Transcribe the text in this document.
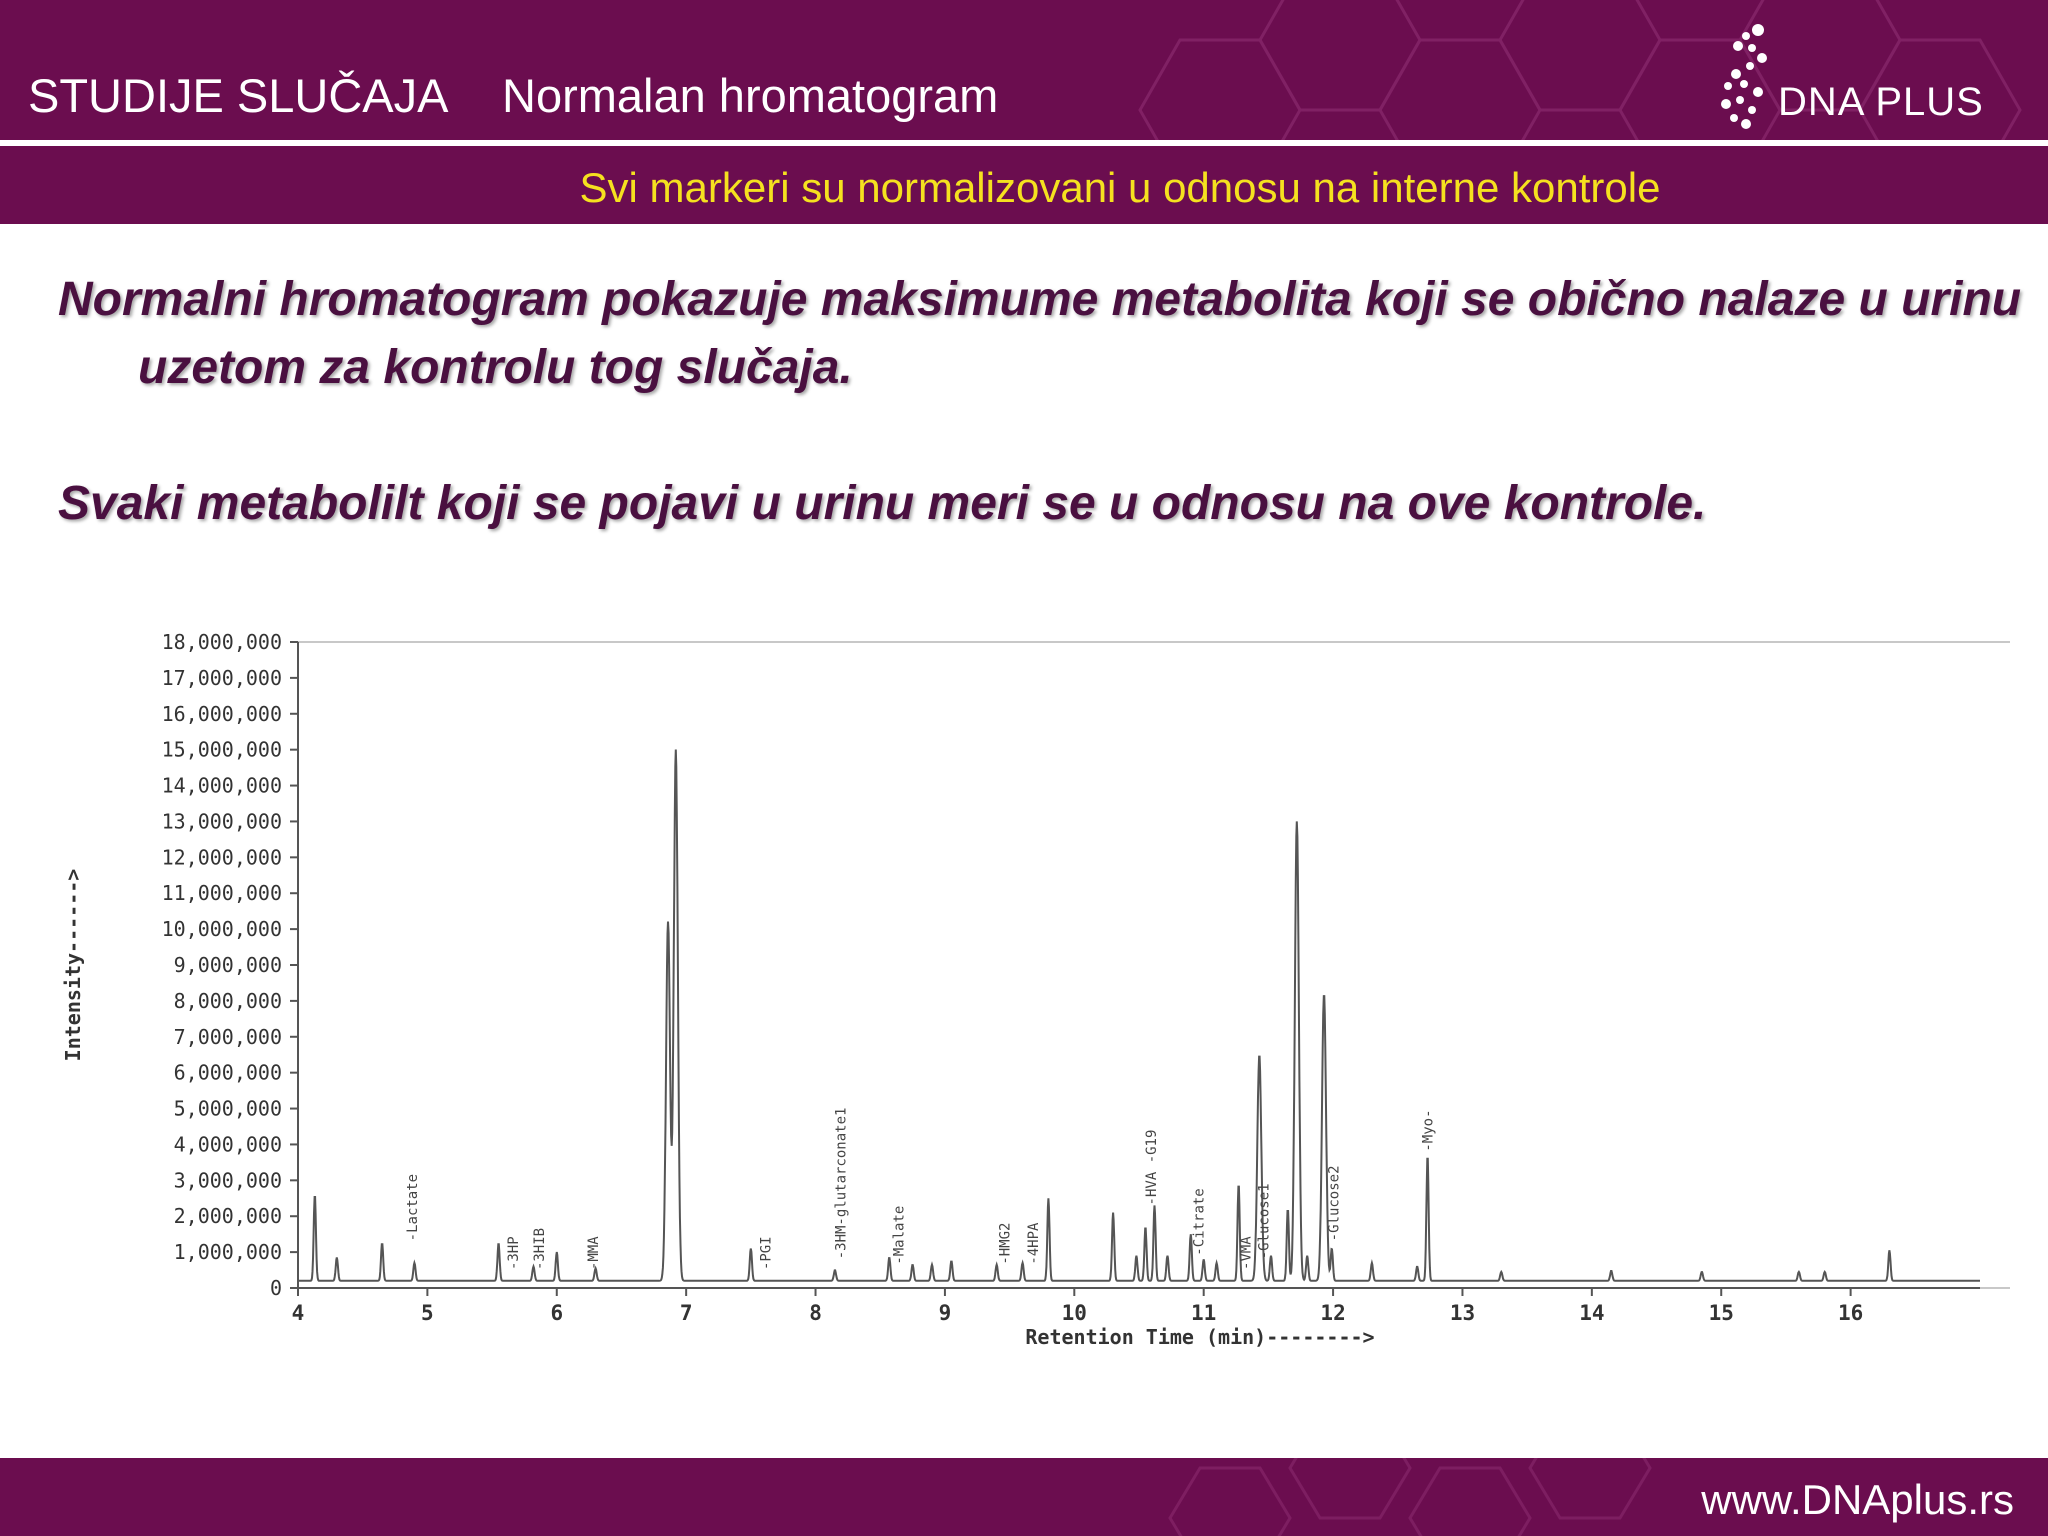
STUDIJE SLUČAJA Normalan hromatogram	DNA PLUS
Svi markeri su normalizovani u odnosu na interne kontrole
Normalni hromatogram pokazuje maksimume metabolita koji se obično nalaze u urinu uzetom za kontrolu tog slučaja.
Svaki metabolilt koji se pojavi u urinu meri se u odnosu na ove kontrole.
0
1,000,000
2,000,000
3,000,000
4,000,000
5,000,000
6,000,000
7,000,000
8,000,000
9,000,000
10,000,000
11,000,000
12,000,000
13,000,000
14,000,000
15,000,000
16,000,000
17,000,000
18,000,000
4	5	6	7	8	9	10	11	12	13	14	15	16
Retention Time (min)-------->
Intensity------>
-Lactate
-3HP -3HIB	-MMA	-PGI	-3HM-glutarconate1	-Malate	-HMG2 -4HPA
-HVA -G19
-Citrate -VMA -Glucose1	-Glucose2
-Myo-
www.DNAplus.rs
